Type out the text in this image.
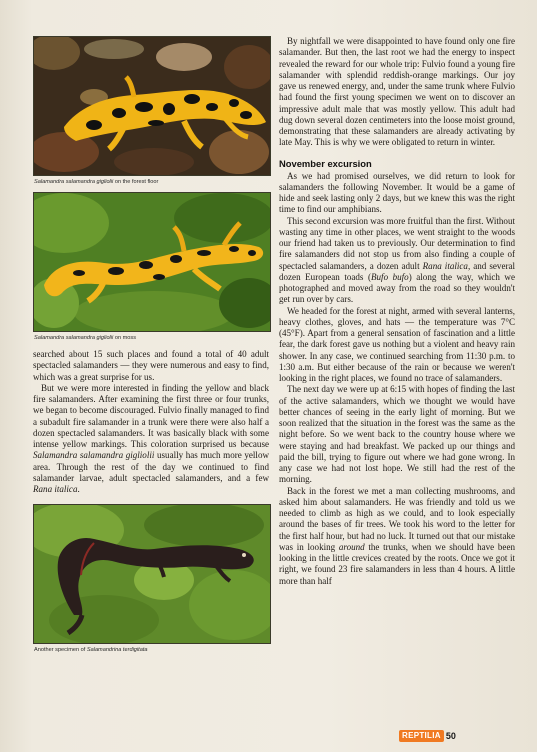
Salamandra salamandra gigliolii on the forest floor
Salamandra salamandra gigliolii on moss

searched about 15 such places and found a total of 40 adult spectacled salamanders — they were numerous and easy to find, which was a great surprise for us.

But we were more interested in finding the yellow and black fire salamanders. After examining the first three or four trunks, we began to become discouraged. Fulvio finally managed to find a subadult fire salamander in a trunk were there were also half a dozen spectacled salamanders. It was basically black with some intense yellow markings. This coloration surprised us because Salamandra salamandra gigliolii usually has much more yellow area. Through the rest of the day we continued to find salamander larvae, adult spectacled salamanders, and a few Rana italica.

Another specimen of Salamandrina terdigitata

By nightfall we were disappointed to have found only one fire salamander. But then, the last root we had the energy to inspect revealed the reward for our whole trip: Fulvio found a young fire salamander with splendid reddish-orange markings. Our joy gave us renewed energy, and, under the same trunk where Fulvio had found the first young specimen we went on to discover an impressive adult male that was mostly yellow. This adult had dug down several dozen centimeters into the loose moist ground, demonstrating that these salamanders are already activating by late May. This is why we were obligated to return in winter.

November excursion

As we had promised ourselves, we did return to look for salamanders the following November. It would be a game of hide and seek lasting only 2 days, but we knew this was the right time to find our amphibians.

This second excursion was more fruitful than the first. Without wasting any time in other places, we went straight to the woods our friend had taken us to previously. Our determination to find fire salamanders did not stop us from also finding a couple of spectacled salamanders, a dozen adult Rana italica, and several dozen European toads (Bufo bufo) along the way, which we photographed and moved away from the road so they wouldn't get run over by cars.

We headed for the forest at night, armed with several lanterns, heavy clothes, gloves, and hats — the temperature was 7°C (45°F). Apart from a general sensation of fascination and a little fear, the dark forest gave us nothing but a violent and heavy rain shower. In any case, we continued searching from 11:30 p.m. to 1:30 a.m. But either because of the rain or because we weren't looking in the right places, we found no trace of salamanders.

The next day we were up at 6:15 with hopes of finding the last of the active salamanders, which we thought we would have better chances of seeing in the early light of morning. But we soon realized that the situation in the forest was the same as the night before. So we went back to the country house where we were staying and had breakfast. We packed up our things and paid the bill, trying to figure out where we had gone wrong. In any case we had not lost hope. We still had the rest of the morning.

Back in the forest we met a man collecting mushrooms, and asked him about salamanders. He was friendly and told us we needed to climb as high as we could, and to look especially around the bases of fir trees. We took his word to the letter for the first half hour, but had no luck. It turned out that our mistake was in looking around the trunks, when we should have been looking in the little crevices created by the roots. Once we got it right, we found 23 fire salamanders in less than 4 hours. A little more than half

REPTILIA 50
